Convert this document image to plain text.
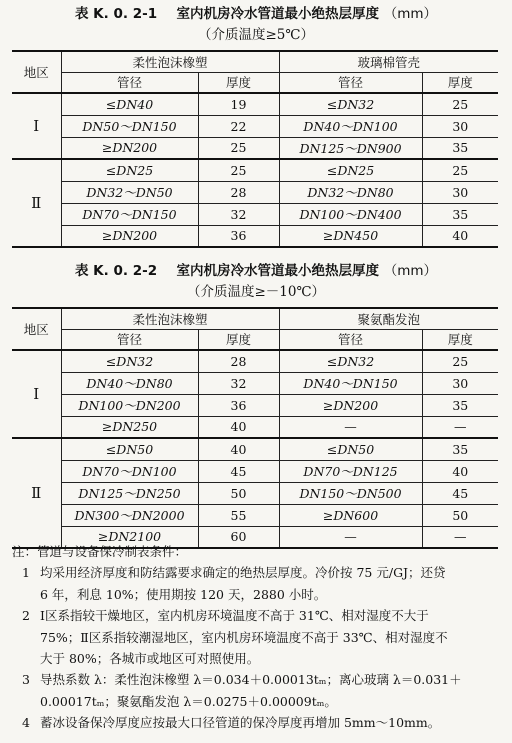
表 K. 0. 2-1 室内机房冷水管道最小绝热层厚度 （mm）
（介质温度≥5℃）
地区	柔性泡沫橡塑		玻璃棉管壳	
	管径	厚度	管径	厚度
Ⅰ	≤DN40	19	≤DN32	25
	DN50～DN150	22	DN40～DN100	30
	≥DN200	25	DN125～DN900	35
Ⅱ	≤DN25	25	≤DN25	25
	DN32～DN50	28	DN32～DN80	30
	DN70～DN150	32	DN100～DN400	35
	≥DN200	36	≥DN450	40
表 K. 0. 2-2 室内机房冷水管道最小绝热层厚度 （mm）
（介质温度≥－10℃）
地区	柔性泡沫橡塑		聚氨酯发泡	
	管径	厚度	管径	厚度
Ⅰ	≤DN32	28	≤DN32	25
	DN40～DN80	32	DN40～DN150	30
	DN100～DN200	36	≥DN200	35
	≥DN250	40	—	—
Ⅱ	≤DN50	40	≤DN50	35
	DN70～DN100	45	DN70～DN125	40
	DN125～DN250	50	DN150～DN500	45
	DN300～DN2000	55	≥DN600	50
	≥DN2100	60	—	—
注：管道与设备保冷制表条件：
1 均采用经济厚度和防结露要求确定的绝热层厚度。冷价按 75 元/GJ；还贷
6 年，利息 10%；使用期按 120 天，2880 小时。
2 Ⅰ区系指较干燥地区，室内机房环境温度不高于 31℃、相对湿度不大于
75%；Ⅱ区系指较潮湿地区，室内机房环境温度不高于 33℃、相对湿度不
大于 80%；各城市或地区可对照使用。
3 导热系数 λ：柔性泡沫橡塑 λ＝0.034＋0.00013tₘ；离心玻璃 λ＝0.031＋
0.00017tₘ；聚氨酯发泡 λ＝0.0275＋0.00009tₘ。
4 蓄冰设备保冷厚度应按最大口径管道的保冷厚度再增加 5mm～10mm。
